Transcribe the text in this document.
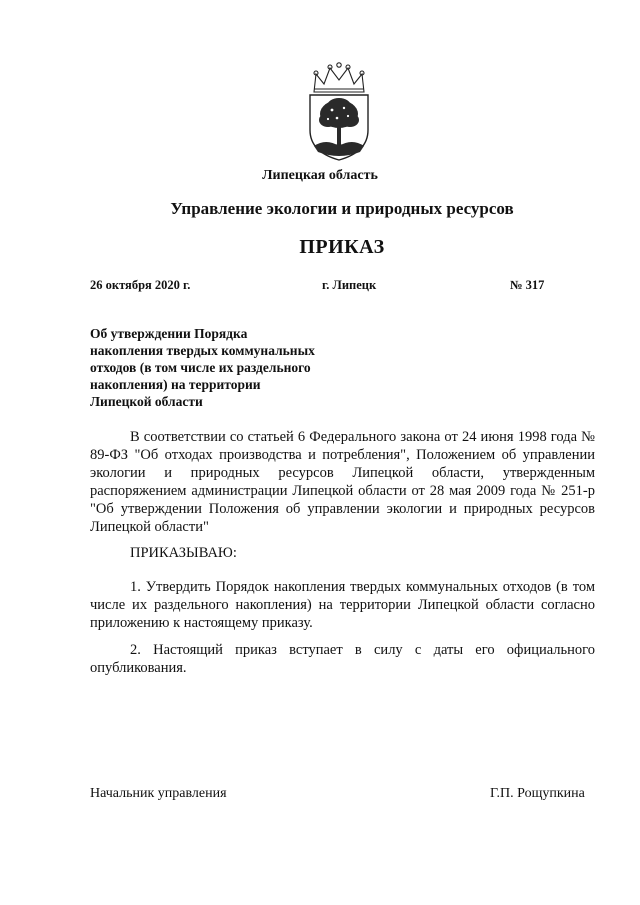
Липецкая область
Управление экологии и природных ресурсов
ПРИКАЗ
26 октября 2020 г.	г. Липецк	№ 317
Об утверждении Порядка
накопления твердых коммунальных
отходов (в том числе их раздельного
накопления) на территории
Липецкой области
В соответствии со статьей 6 Федерального закона от 24 июня 1998 года № 89-ФЗ "Об отходах производства и потребления", Положением об управлении экологии и природных ресурсов Липецкой области, утвержденным распоряжением администрации Липецкой области от 28 мая 2009 года № 251-р "Об утверждении Положения об управлении экологии и природных ресурсов Липецкой области"
ПРИКАЗЫВАЮ:
1. Утвердить Порядок накопления твердых коммунальных отходов (в том числе их раздельного накопления) на территории Липецкой области согласно приложению к настоящему приказу.
2. Настоящий приказ вступает в силу с даты его официального опубликования.
Начальник управления	Г.П. Рощупкина
